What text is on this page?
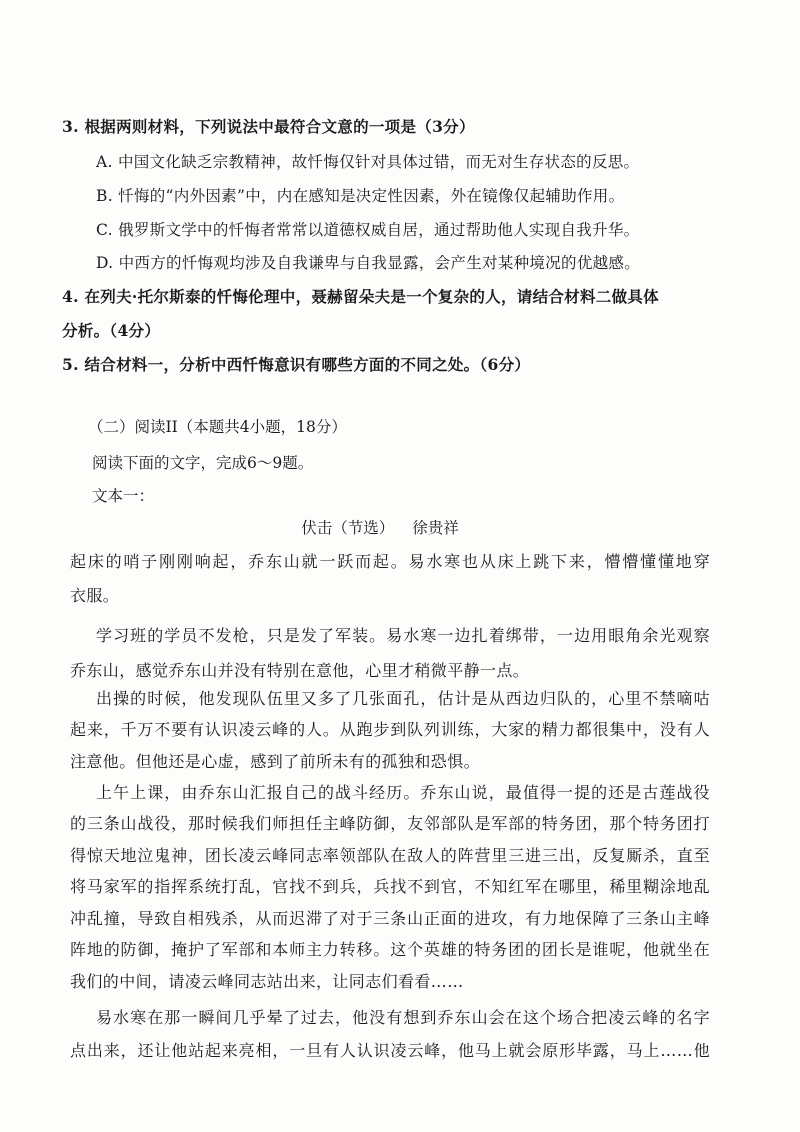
3. 根据两则材料，下列说法中最符合文意的一项是（3分）
A. 中国文化缺乏宗教精神，故忏悔仅针对具体过错，而无对生存状态的反思。
B. 忏悔的“内外因素”中，内在感知是决定性因素，外在镜像仅起辅助作用。
C. 俄罗斯文学中的忏悔者常常以道德权威自居，通过帮助他人实现自我升华。
D. 中西方的忏悔观均涉及自我谦卑与自我显露，会产生对某种境况的优越感。
4. 在列夫·托尔斯泰的忏悔伦理中，聂赫留朵夫是一个复杂的人，请结合材料二做具体
分析。（4分）
5. 结合材料一，分析中西忏悔意识有哪些方面的不同之处。（6分）
（二）阅读II（本题共4小题，18分）
阅读下面的文字，完成6～9题。
文本一：
伏击（节选） 徐贵祥
起床的哨子刚刚响起，乔东山就一跃而起。易水寒也从床上跳下来，懵懵懂懂地穿
衣服。
学习班的学员不发枪，只是发了军装。易水寒一边扎着绑带，一边用眼角余光观察
乔东山，感觉乔东山并没有特别在意他，心里才稍微平静一点。
出操的时候，他发现队伍里又多了几张面孔，估计是从西边归队的，心里不禁嘀咕
起来，千万不要有认识凌云峰的人。从跑步到队列训练，大家的精力都很集中，没有人
注意他。但他还是心虚，感到了前所未有的孤独和恐惧。
上午上课，由乔东山汇报自己的战斗经历。乔东山说，最值得一提的还是古莲战役
的三条山战役，那时候我们师担任主峰防御，友邻部队是军部的特务团，那个特务团打
得惊天地泣鬼神，团长凌云峰同志率领部队在敌人的阵营里三进三出，反复厮杀，直至
将马家军的指挥系统打乱，官找不到兵，兵找不到官，不知红军在哪里，稀里糊涂地乱
冲乱撞，导致自相残杀，从而迟滞了对于三条山正面的进攻，有力地保障了三条山主峰
阵地的防御，掩护了军部和本师主力转移。这个英雄的特务团的团长是谁呢，他就坐在
我们的中间，请凌云峰同志站出来，让同志们看看……
易水寒在那一瞬间几乎晕了过去，他没有想到乔东山会在这个场合把凌云峰的名字
点出来，还让他站起来亮相，一旦有人认识凌云峰，他马上就会原形毕露，马上……他
